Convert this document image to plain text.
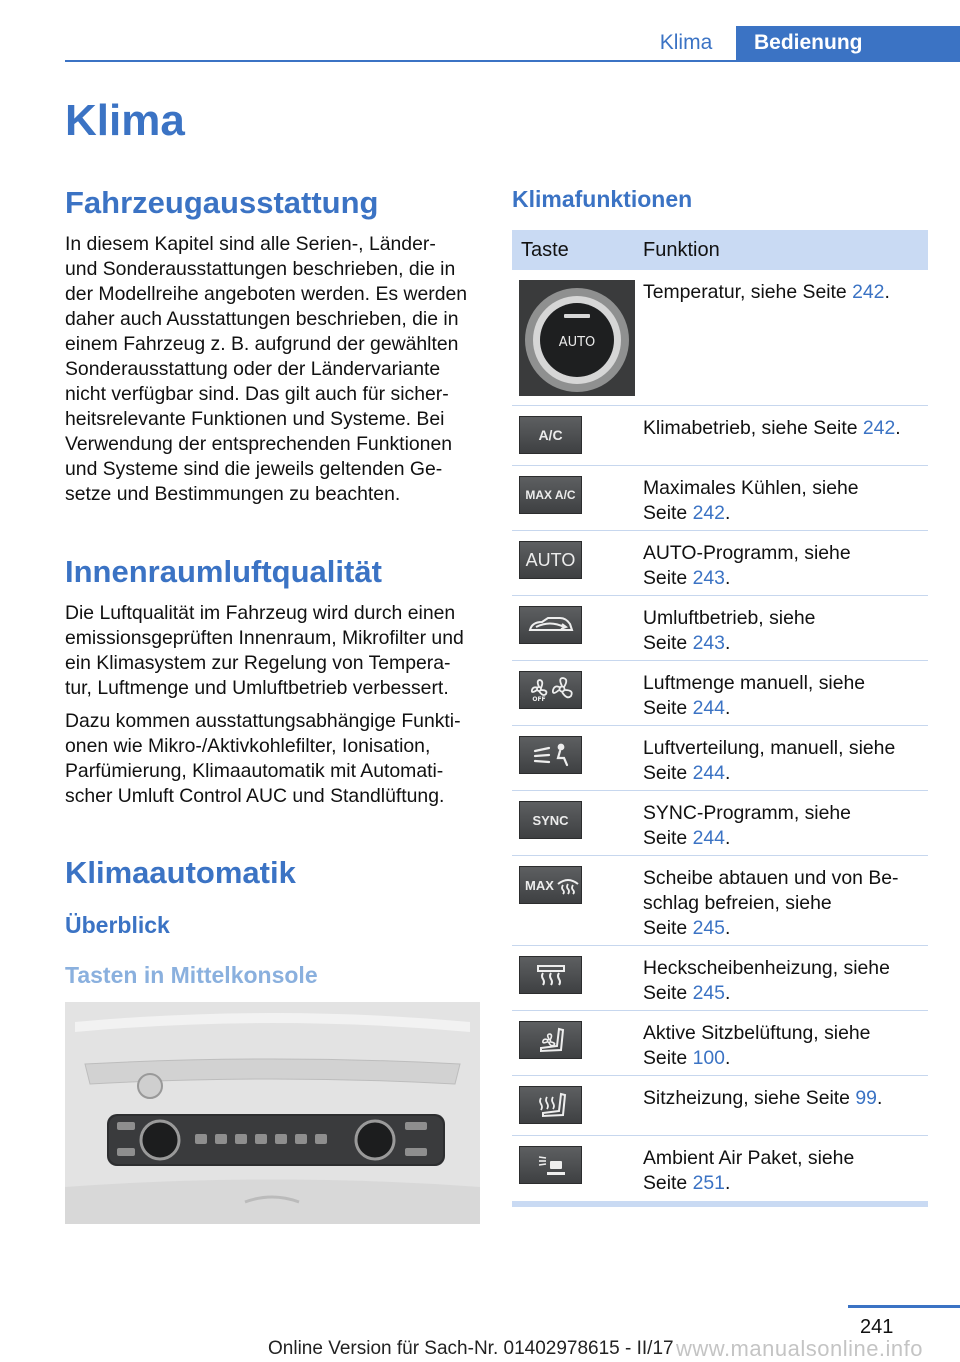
Klima	Bedienung
Klima
Fahrzeugausstattung
In diesem Kapitel sind alle Serien-, Länder-
und Sonderausstattungen beschrieben, die in
der Modellreihe angeboten werden. Es werden
daher auch Ausstattungen beschrieben, die in
einem Fahrzeug z. B. aufgrund der gewählten
Sonderausstattung oder der Ländervariante
nicht verfügbar sind. Das gilt auch für sicher-
heitsrelevante Funktionen und Systeme. Bei
Verwendung der entsprechenden Funktionen
und Systeme sind die jeweils geltenden Ge-
setze und Bestimmungen zu beachten.
Innenraumluftqualität
Die Luftqualität im Fahrzeug wird durch einen
emissionsgeprüften Innenraum, Mikrofilter und
ein Klimasystem zur Regelung von Tempera-
tur, Luftmenge und Umluftbetrieb verbessert.
Dazu kommen ausstattungsabhängige Funkti-
onen wie Mikro-/Aktivkohlefilter, Ionisation,
Parfümierung, Klimaautomatik mit Automati-
scher Umluft Control AUC und Standlüftung.
Klimaautomatik
Überblick
Tasten in Mittelkonsole
Klimafunktionen
Taste	Funktion
AUTO
Temperatur, siehe Seite 242.
A/C	Klimabetrieb, siehe Seite 242.
MAX A/C	Maximales Kühlen, siehe
Seite 242.
AUTO	AUTO-Programm, siehe
Seite 243.
Umluftbetrieb, siehe
Seite 243.
OFF
Luftmenge manuell, siehe
Seite 244.
Luftverteilung, manuell, siehe
Seite 244.
SYNC	SYNC-Programm, siehe
Seite 244.
MAX	Scheibe abtauen und von Be-
schlag befreien, siehe
Seite 245.
Heckscheibenheizung, siehe
Seite 245.
Aktive Sitzbelüftung, siehe
Seite 100.
Sitzheizung, siehe Seite 99.
Ambient Air Paket, siehe
Seite 251.
241
Online Version für Sach-Nr. 01402978615 - II/17 www.manualsonline.info
